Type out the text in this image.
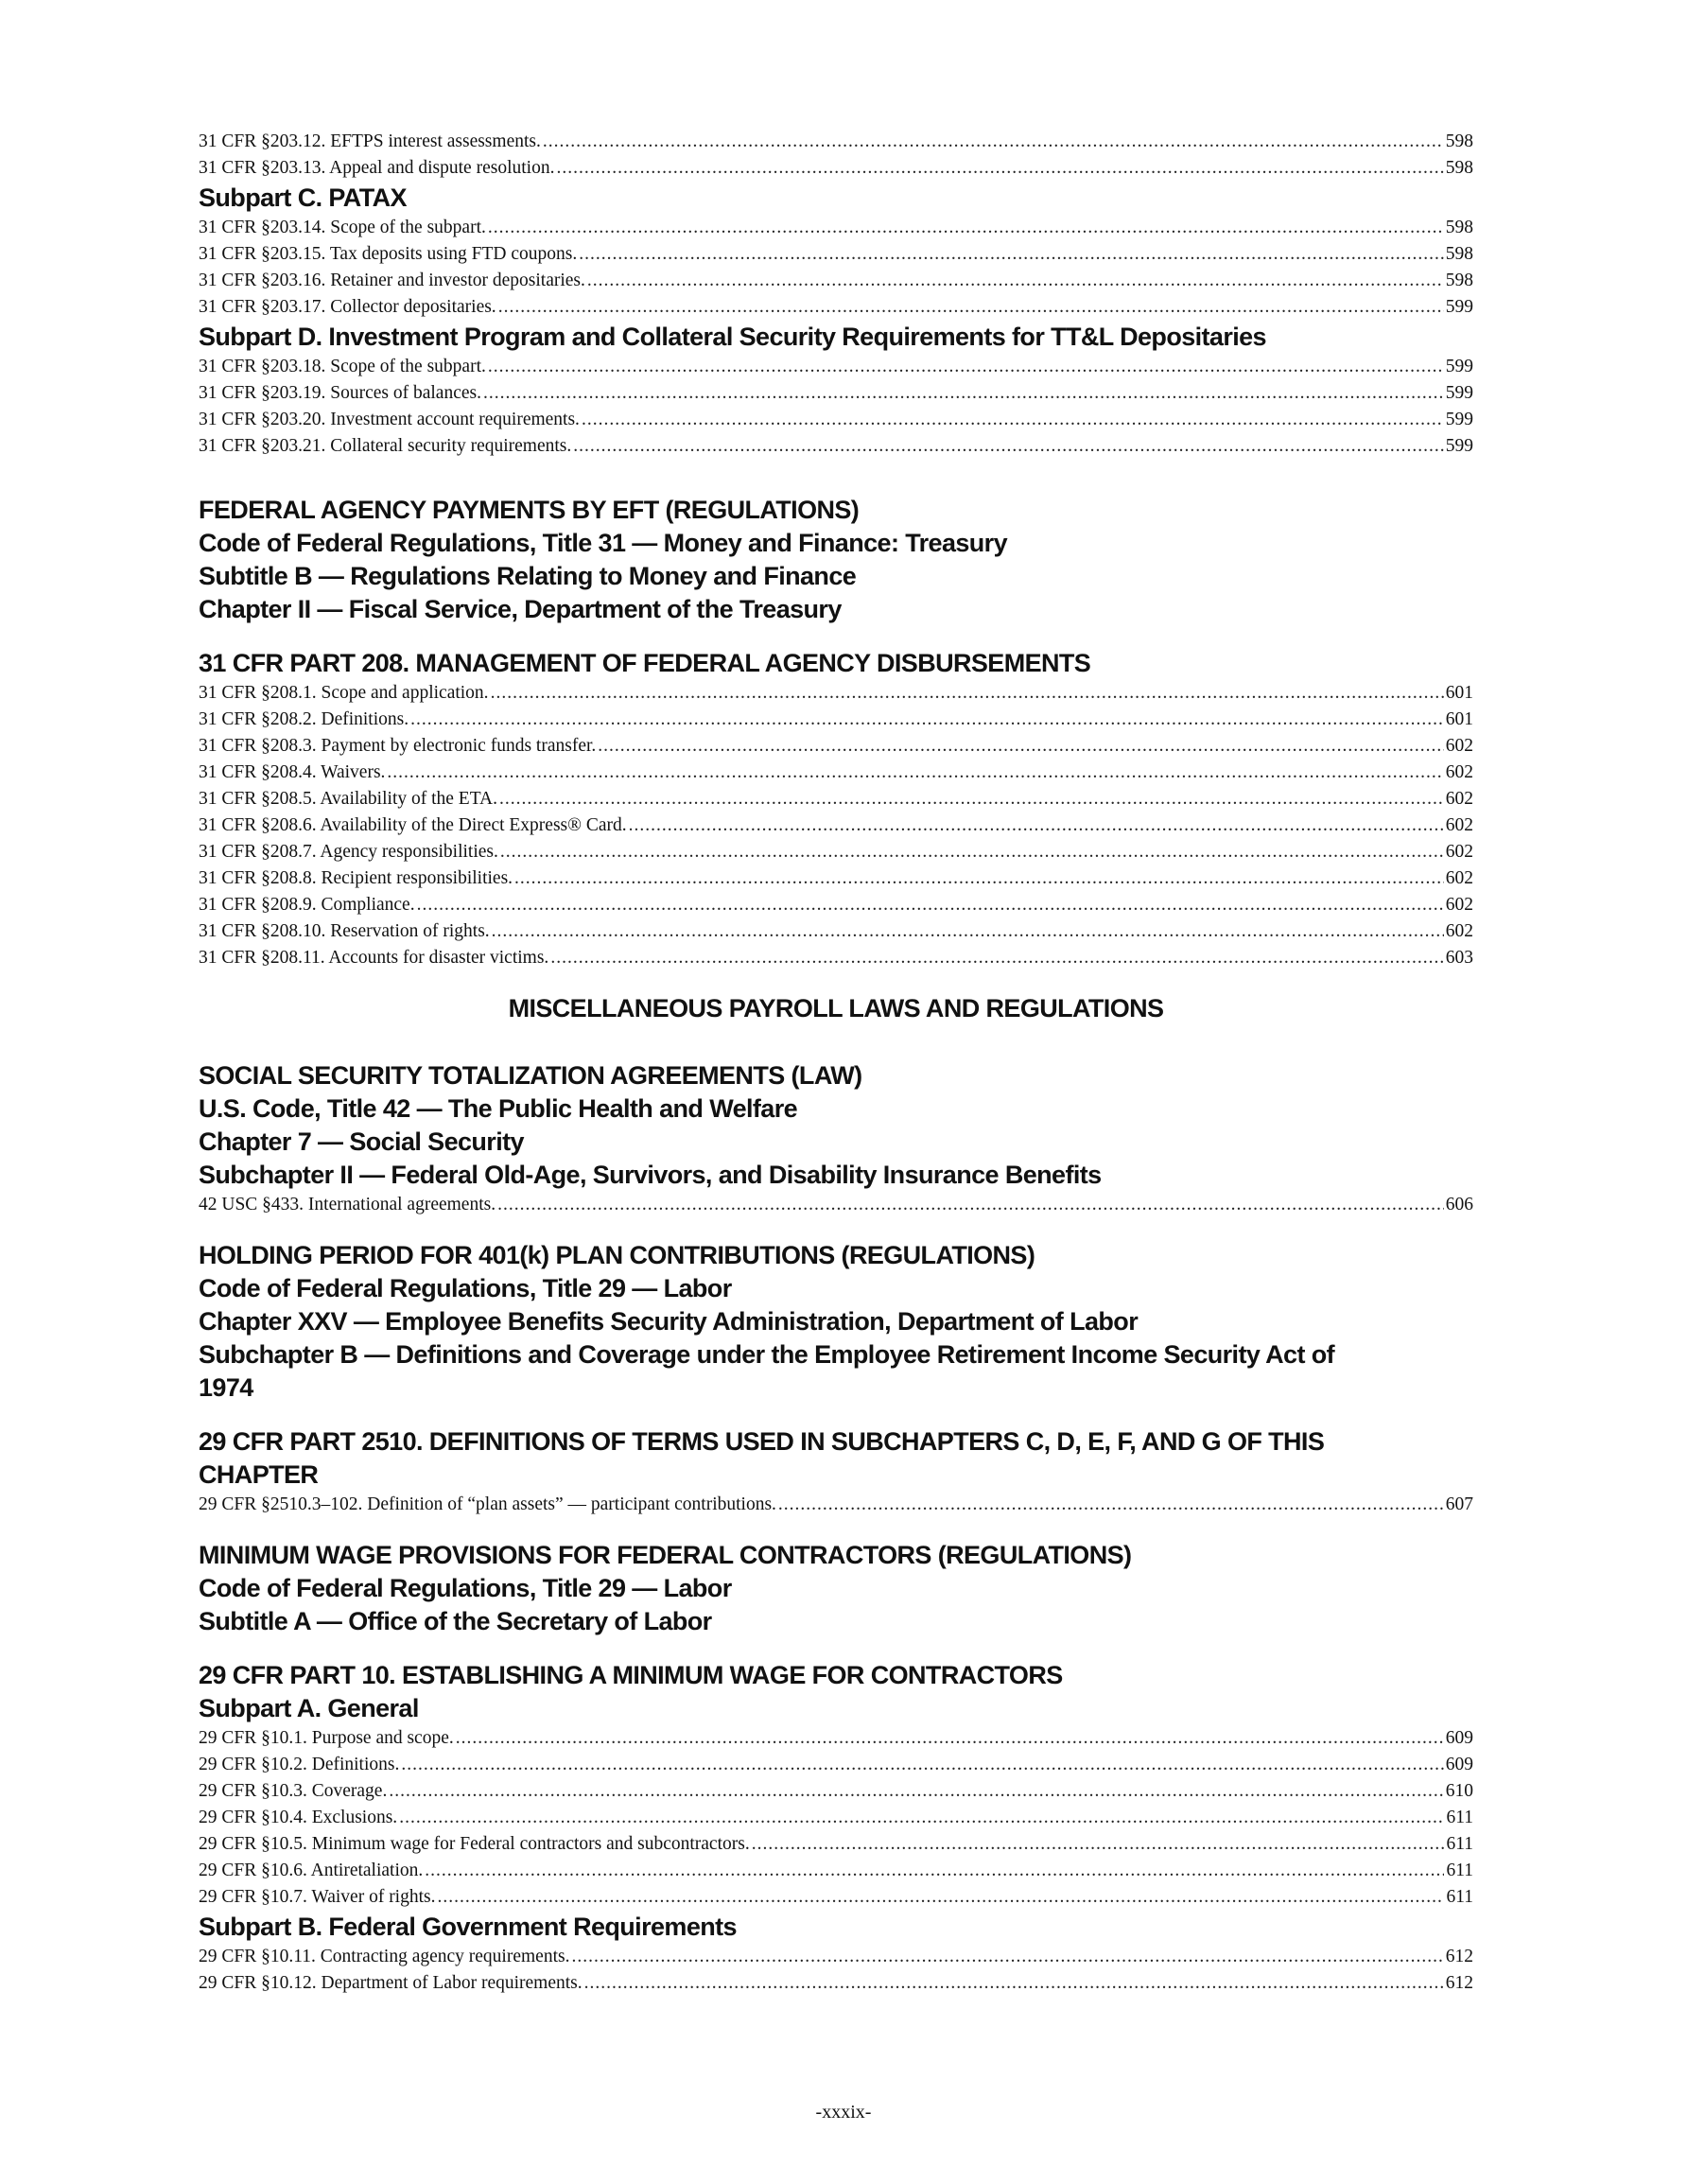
31 CFR §203.12. EFTPS interest assessments. .....	598
31 CFR §203.13. Appeal and dispute resolution. .....	598
Subpart C. PATAX
31 CFR §203.14. Scope of the subpart. .....	598
31 CFR §203.15. Tax deposits using FTD coupons. .....	598
31 CFR §203.16. Retainer and investor depositaries. .....	598
31 CFR §203.17. Collector depositaries. .....	599
Subpart D. Investment Program and Collateral Security Requirements for TT&L Depositaries
31 CFR §203.18. Scope of the subpart. .....	599
31 CFR §203.19. Sources of balances. .....	599
31 CFR §203.20. Investment account requirements. .....	599
31 CFR §203.21. Collateral security requirements. .....	599
FEDERAL AGENCY PAYMENTS BY EFT (REGULATIONS)
Code of Federal Regulations, Title 31 — Money and Finance: Treasury
Subtitle B — Regulations Relating to Money and Finance
Chapter II — Fiscal Service, Department of the Treasury
31 CFR PART 208. MANAGEMENT OF FEDERAL AGENCY DISBURSEMENTS
31 CFR §208.1. Scope and application. .....	601
31 CFR §208.2. Definitions. .....	601
31 CFR §208.3. Payment by electronic funds transfer. .....	602
31 CFR §208.4. Waivers. .....	602
31 CFR §208.5. Availability of the ETA. .....	602
31 CFR §208.6. Availability of the Direct Express® Card. .....	602
31 CFR §208.7. Agency responsibilities. .....	602
31 CFR §208.8. Recipient responsibilities. .....	602
31 CFR §208.9. Compliance. .....	602
31 CFR §208.10. Reservation of rights. .....	602
31 CFR §208.11. Accounts for disaster victims. .....	603
MISCELLANEOUS PAYROLL LAWS AND REGULATIONS
SOCIAL SECURITY TOTALIZATION AGREEMENTS (LAW)
U.S. Code, Title 42 — The Public Health and Welfare
Chapter 7 — Social Security
Subchapter II — Federal Old-Age, Survivors, and Disability Insurance Benefits
42 USC §433. International agreements. .....	606
HOLDING PERIOD FOR 401(k) PLAN CONTRIBUTIONS (REGULATIONS)
Code of Federal Regulations, Title 29 — Labor
Chapter XXV — Employee Benefits Security Administration, Department of Labor
Subchapter B — Definitions and Coverage under the Employee Retirement Income Security Act of
1974
29 CFR PART 2510. DEFINITIONS OF TERMS USED IN SUBCHAPTERS C, D, E, F, AND G OF THIS
CHAPTER
29 CFR §2510.3–102. Definition of “plan assets” — participant contributions. .....	607
MINIMUM WAGE PROVISIONS FOR FEDERAL CONTRACTORS (REGULATIONS)
Code of Federal Regulations, Title 29 — Labor
Subtitle A — Office of the Secretary of Labor
29 CFR PART 10. ESTABLISHING A MINIMUM WAGE FOR CONTRACTORS
Subpart A. General
29 CFR §10.1. Purpose and scope. .....	609
29 CFR §10.2. Definitions. .....	609
29 CFR §10.3. Coverage. .....	610
29 CFR §10.4. Exclusions. .....	611
29 CFR §10.5. Minimum wage for Federal contractors and subcontractors. .....	611
29 CFR §10.6. Antiretaliation. .....	611
29 CFR §10.7. Waiver of rights. .....	611
Subpart B. Federal Government Requirements
29 CFR §10.11. Contracting agency requirements. .....	612
29 CFR §10.12. Department of Labor requirements. .....	612
-xxxix-
